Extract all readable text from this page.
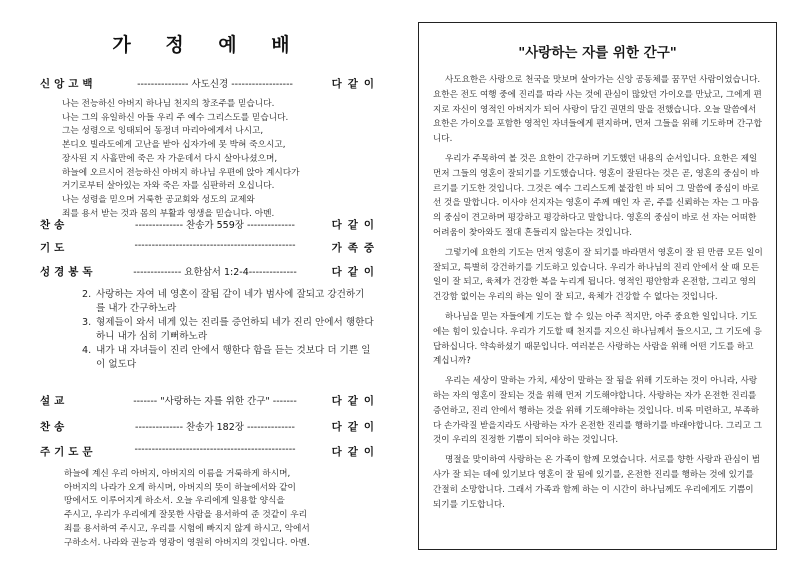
가 정 예 배
신앙고백	--------------- 사도신경 ------------------	다같이
나는 전능하신 아버지 하나님 천지의 창조주를 믿습니다.
나는 그의 유일하신 아들 우리 주 예수 그리스도를 믿습니다.
그는 성령으로 잉태되어 동정녀 마리아에게서 나시고,
본디오 빌라도에게 고난을 받아 십자가에 못 박혀 죽으시고,
장사된 지 사흘만에 죽은 자 가운데서 다시 살아나셨으며,
하늘에 오르시어 전능하신 아버지 하나님 우편에 앉아 계시다가
거기로부터 살아있는 자와 죽은 자를 심판하러 오십니다.
나는 성령을 믿으며 거룩한 공교회와 성도의 교제와
죄를 용서 받는 것과 몸의 부활과 영생을 믿습니다. 아멘.
찬송	-------------- 찬송가 559장 --------------	다같이
기도	-----------------------------------------------	가족중
성경봉독	-------------- 요한삼서 1:2-4--------------	다같이
2. 사랑하는 자여 네 영혼이 잘됨 같이 네가 범사에 잘되고 강건하기
를 내가 간구하노라
3. 형제들이 와서 네게 있는 진리를 증언하되 네가 진리 안에서 행한다
하니 내가 심히 기뻐하노라
4. 내가 내 자녀들이 진리 안에서 행한다 함을 듣는 것보다 더 기쁜 일
이 없도다
설교	------- "사랑하는 자를 위한 간구" -------	다같이
찬송	-------------- 찬송가 182장 --------------	다같이
주기도문	-----------------------------------------------	다같이
하늘에 계신 우리 아버지, 아버지의 이름을 거룩하게 하시며,
아버지의 나라가 오게 하시며, 아버지의 뜻이 하늘에서와 같이
땅에서도 이루어지게 하소서. 오늘 우리에게 일용할 양식을
주시고, 우리가 우리에게 잘못한 사람을 용서하여 준 것같이 우리
죄를 용서하여 주시고, 우리를 시험에 빠지지 않게 하시고, 악에서
구하소서. 나라와 권능과 영광이 영원히 아버지의 것입니다. 아멘.
"사랑하는 자를 위한 간구"

사도요한은 사랑으로 천국을 맛보며 살아가는 신앙 공동체를 꿈꾸던 사람이었습니다. 요한은 전도 여행 중에 진리를 따라 사는 것에 관심이 많았던 가이오를 만났고, 그에게 편지로 자신이 영적인 아버지가 되어 사랑이 담긴 권면의 말을 전했습니다. 오늘 말씀에서 요한은 가이오를 포함한 영적인 자녀들에게 편지하며, 먼저 그들을 위해 기도하며 간구합니다.

우리가 주목하여 볼 것은 요한이 간구하며 기도했던 내용의 순서입니다. 요한은 제일 먼저 그들의 영혼이 잘되기를 기도했습니다. 영혼이 잘된다는 것은 곧, 영혼의 중심이 바르기를 기도한 것입니다. 그것은 예수 그리스도께 붙잡힌 바 되어 그 말씀에 중심이 바로 선 것을 말합니다. 이사야 선지자는 영혼이 주께 매인 자 곧, 주를 신뢰하는 자는 그 마음의 중심이 견고하며 평강하고 평강하다고 말합니다. 영혼의 중심이 바로 선 자는 어떠한 어려움이 찾아와도 절대 흔들리지 않는다는 것입니다.

그렇기에 요한의 기도는 먼저 영혼이 잘 되기를 바라면서 영혼이 잘 된 만큼 모든 일이 잘되고, 특별히 강건하기를 기도하고 있습니다. 우리가 하나님의 진리 안에서 살 때 모든 일이 잘 되고, 육체가 건강한 복을 누리게 됩니다. 영적인 평안함과 온전함, 그리고 영의 건강함 없이는 우리의 하는 일이 잘 되고, 육체가 건강할 수 없다는 것입니다.

하나님을 믿는 자들에게 기도는 할 수 있는 아주 적지만, 아주 중요한 일입니다. 기도에는 힘이 있습니다. 우리가 기도할 때 천지를 지으신 하나님께서 들으시고, 그 기도에 응답하십니다. 약속하셨기 때문입니다. 여러분은 사랑하는 사람을 위해 어떤 기도를 하고 계십니까?

우리는 세상이 말하는 가치, 세상이 말하는 잘 됨을 위해 기도하는 것이 아니라, 사랑하는 자의 영혼이 잘되는 것을 위해 먼저 기도해야합니다. 사랑하는 자가 온전한 진리를 증언하고, 진리 안에서 행하는 것을 위해 기도해야하는 것입니다. 비록 미련하고, 부족하다 손가락질 받을지라도 사랑하는 자가 온전한 진리를 행하기를 바래야합니다. 그리고 그것이 우리의 진정한 기쁨이 되어야 하는 것입니다.

명절을 맞이하여 사랑하는 온 가족이 함께 모였습니다. 서로를 향한 사랑과 관심이 범사가 잘 되는 데에 있기보다 영혼이 잘 됨에 있기를, 온전한 진리를 행하는 것에 있기를 간절히 소망합니다. 그래서 가족과 함께 하는 이 시간이 하나님께도 우리에게도 기쁨이 되기를 기도합니다.
